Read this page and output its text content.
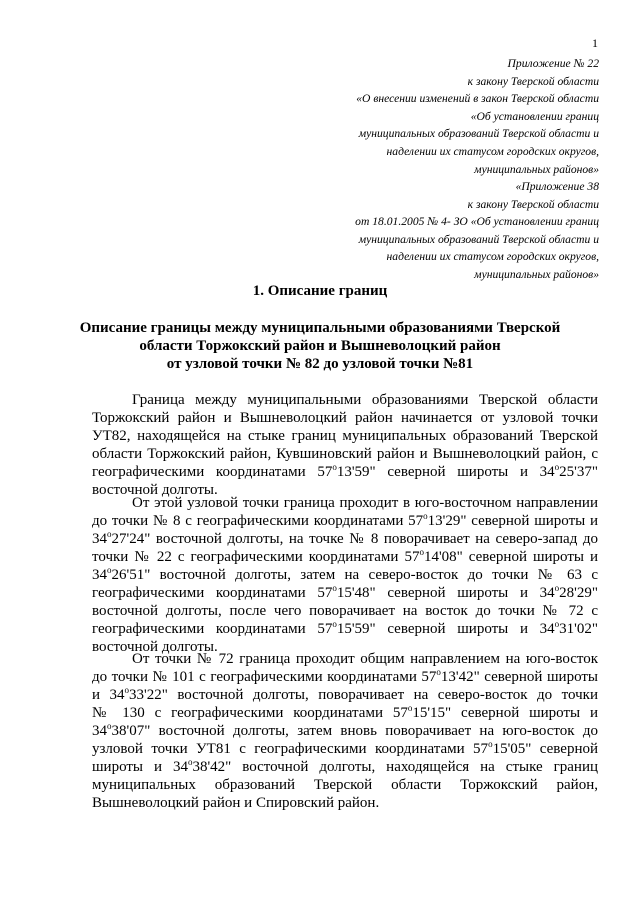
1
Приложение № 22
к закону Тверской области
«О внесении изменений в закон Тверской области
«Об установлении границ
муниципальных образований Тверской области и
наделении их статусом городских округов,
муниципальных районов»
«Приложение 38
к закону Тверской области
от 18.01.2005 № 4- ЗО «Об установлении границ
муниципальных образований Тверской области и
наделении их статусом городских округов,
муниципальных районов»
1. Описание границ
Описание границы между муниципальными образованиями Тверской
области Торжокский район и Вышневолоцкий район
от узловой точки № 82 до узловой точки №81
Граница между муниципальными образованиями Тверской области
Торжокский район и Вышневолоцкий район начинается от узловой точки
УТ82, находящейся на стыке границ муниципальных образований Тверской
области Торжокский район, Кувшиновский район и Вышневолоцкий район, с
географическими координатами 57$^o$13'59" северной широты и 34$^o$25'37"
восточной долготы.
От этой узловой точки граница проходит в юго-восточном направлении
до точки № 8 с географическими координатами 57$^o$13'29" северной широты и
34$^o$27'24" восточной долготы, на точке № 8 поворачивает на северо-запад до
точки № 22 с географическими координатами 57$^o$14'08" северной широты и
34$^o$26'51" восточной долготы, затем на северо-восток до точки № 63 с
географическими координатами 57$^o$15'48" северной широты и 34$^o$28'29"
восточной долготы, после чего поворачивает на восток до точки № 72 с
географическими координатами 57$^o$15'59" северной широты и 34$^o$31'02"
восточной долготы.
От точки № 72 граница проходит общим направлением на юго-восток
до точки № 101 с географическими координатами 57$^o$13'42" северной широты
и 34$^o$33'22" восточной долготы, поворачивает на северо-восток до точки
№ 130 с географическими координатами 57$^o$15'15" северной широты и
34$^o$38'07" восточной долготы, затем вновь поворачивает на юго-восток до
узловой точки УТ81 с географическими координатами 57$^o$15'05" северной
широты и 34$^o$38'42" восточной долготы, находящейся на стыке границ
муниципальных образований Тверской области Торжокский район,
Вышневолоцкий район и Спировский район.
